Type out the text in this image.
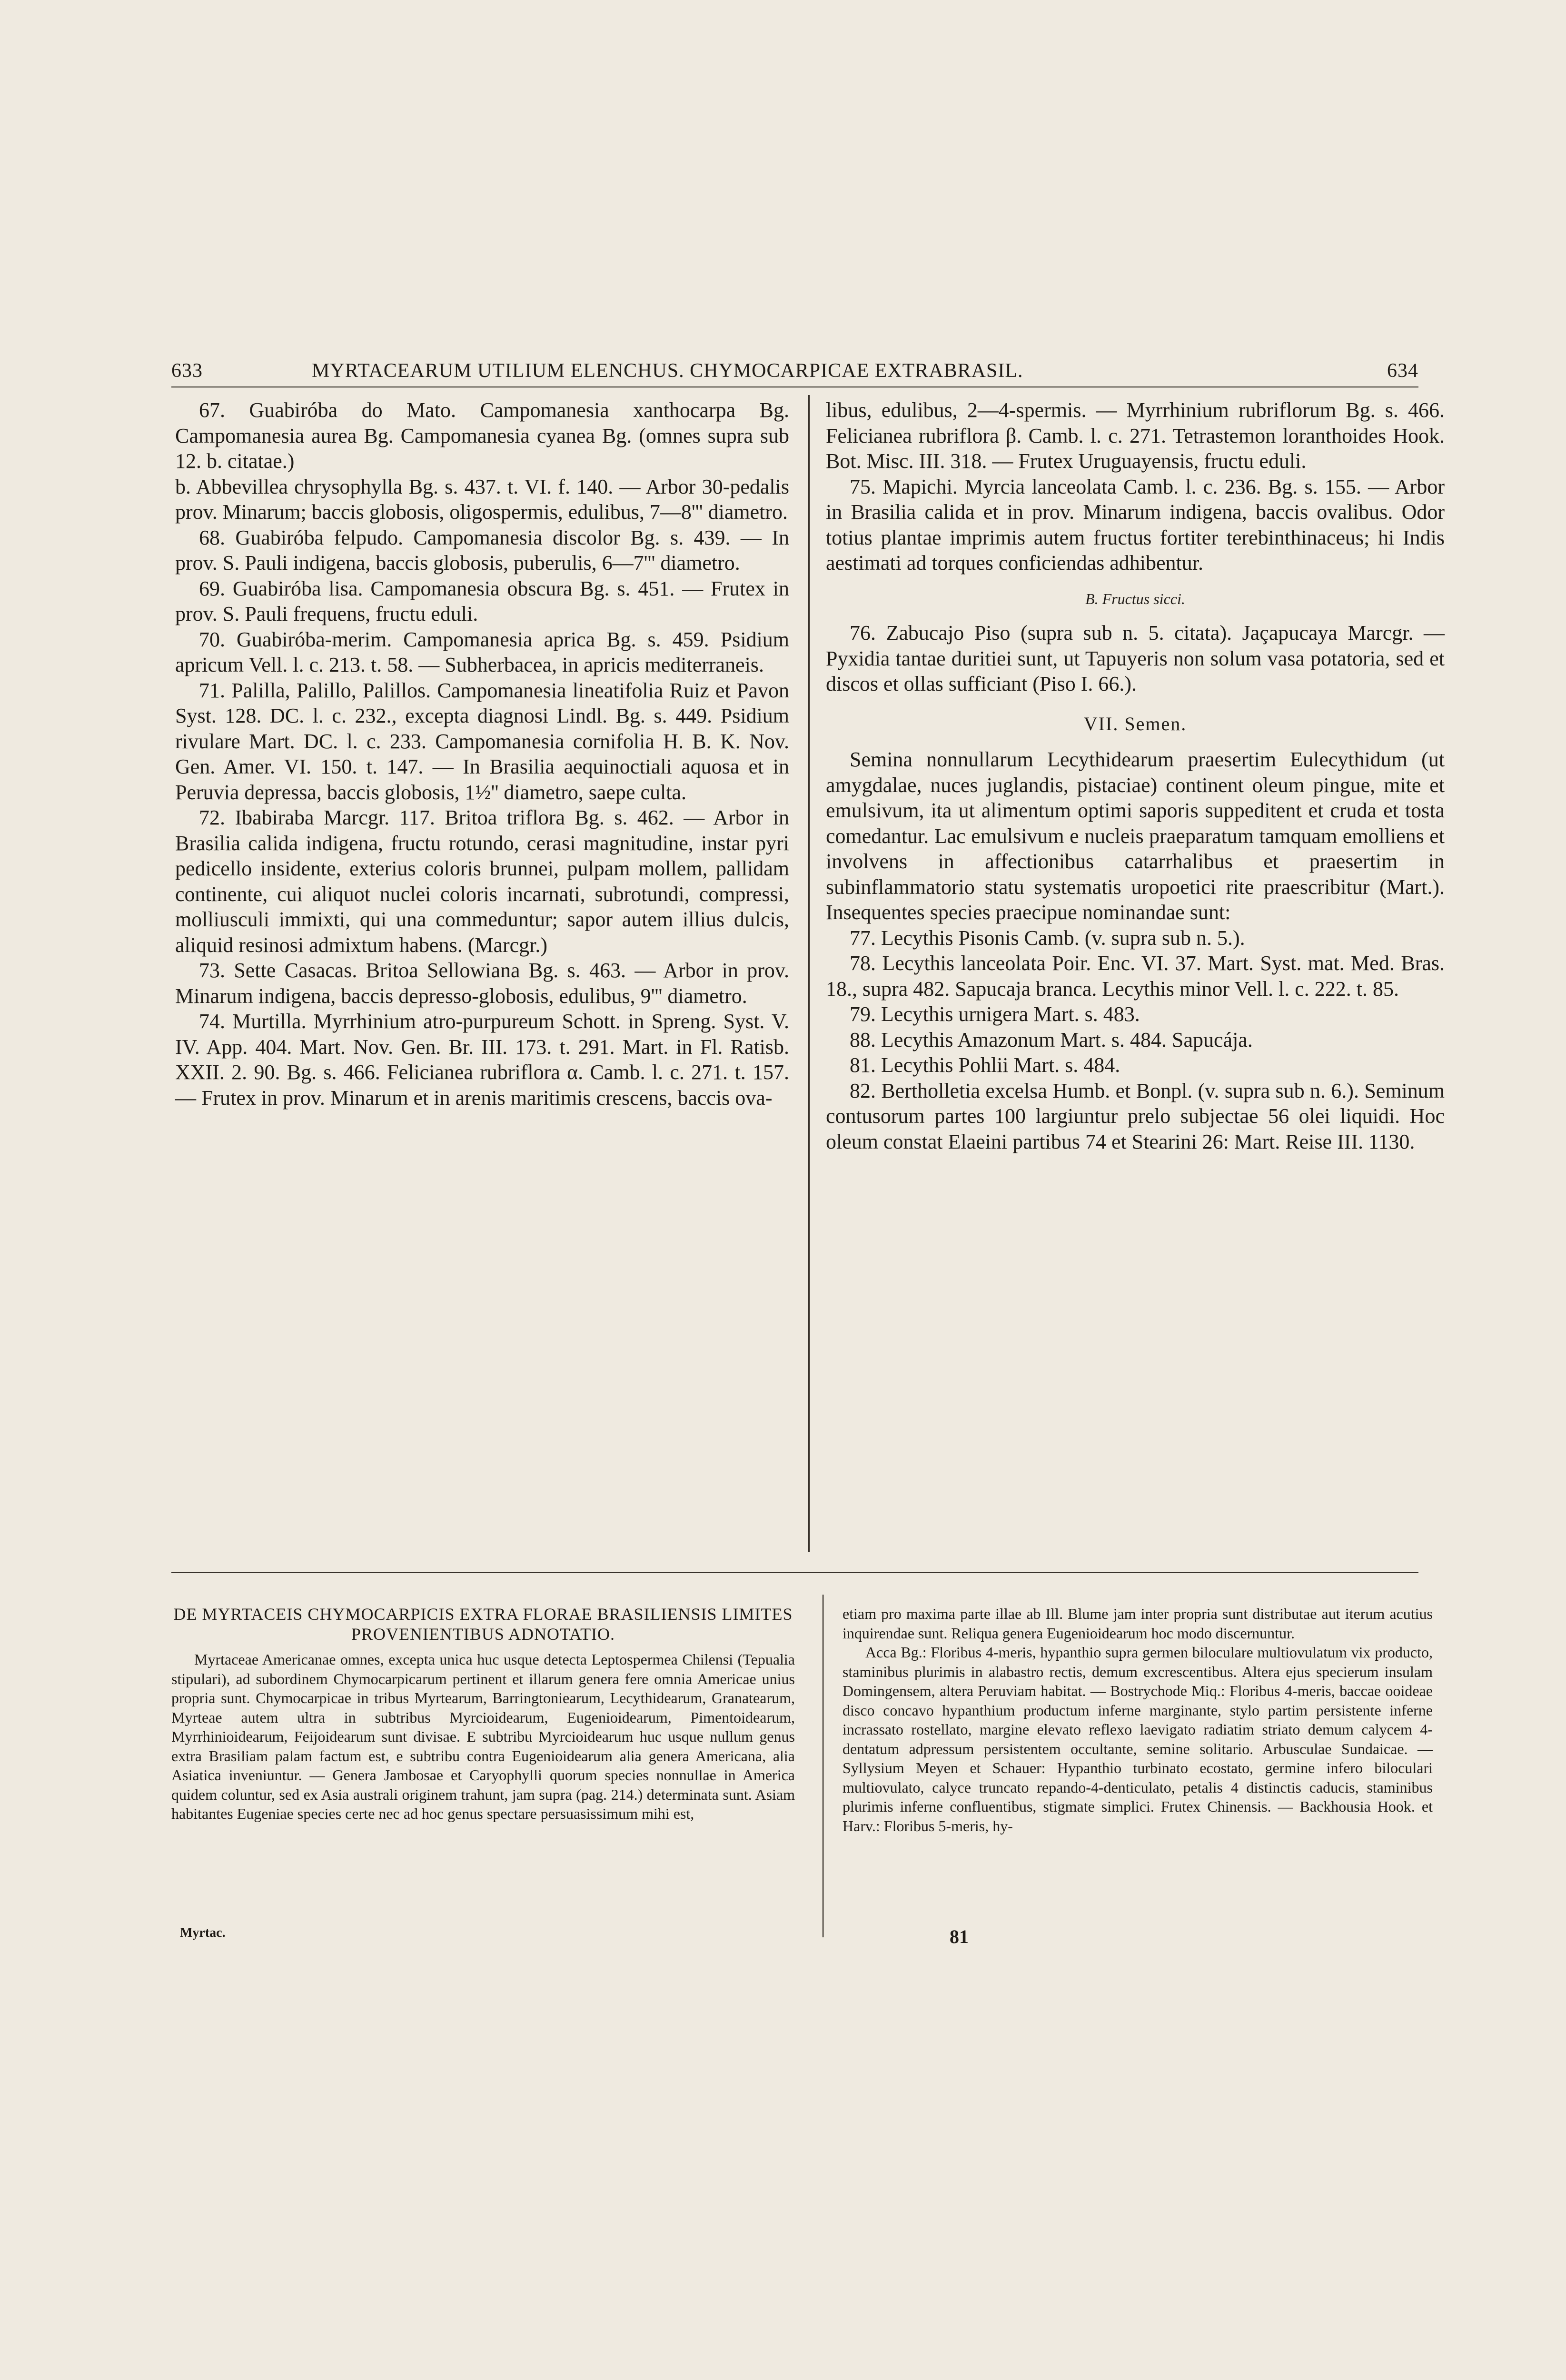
633	MYRTACEARUM UTILIUM ELENCHUS. CHYMOCARPICAE EXTRABRASIL.	634

67. Guabiróba do Mato. Campomanesia xanthocarpa Bg. Campomanesia aurea Bg. Campomanesia cyanea Bg. (omnes supra sub 12. b. citatae.)

b. Abbevillea chrysophylla Bg. s. 437. t. VI. f. 140. — Arbor 30-pedalis prov. Minarum; baccis globosis, oligospermis, edulibus, 7—8''' diametro.

68. Guabiróba felpudo. Campomanesia discolor Bg. s. 439. — In prov. S. Pauli indigena, baccis globosis, puberulis, 6—7''' diametro.

69. Guabiróba lisa. Campomanesia obscura Bg. s. 451. — Frutex in prov. S. Pauli frequens, fructu eduli.

70. Guabiróba-merim. Campomanesia aprica Bg. s. 459. Psidium apricum Vell. l. c. 213. t. 58. — Subherbacea, in apricis mediterraneis.

71. Palilla, Palillo, Palillos. Campomanesia lineatifolia Ruiz et Pavon Syst. 128. DC. l. c. 232., excepta diagnosi Lindl. Bg. s. 449. Psidium rivulare Mart. DC. l. c. 233. Campomanesia cornifolia H. B. K. Nov. Gen. Amer. VI. 150. t. 147. — In Brasilia aequinoctiali aquosa et in Peruvia depressa, baccis globosis, 1½'' diametro, saepe culta.

72. Ibabiraba Marcgr. 117. Britoa triflora Bg. s. 462. — Arbor in Brasilia calida indigena, fructu rotundo, cerasi magnitudine, instar pyri pedicello insidente, exterius coloris brunnei, pulpam mollem, pallidam continente, cui aliquot nuclei coloris incarnati, subrotundi, compressi, molliusculi immixti, qui una commeduntur; sapor autem illius dulcis, aliquid resinosi admixtum habens. (Marcgr.)

73. Sette Casacas. Britoa Sellowiana Bg. s. 463. — Arbor in prov. Minarum indigena, baccis depresso-globosis, edulibus, 9''' diametro.

74. Murtilla. Myrrhinium atro-purpureum Schott. in Spreng. Syst. V. IV. App. 404. Mart. Nov. Gen. Br. III. 173. t. 291. Mart. in Fl. Ratisb. XXII. 2. 90. Bg. s. 466. Felicianea rubriflora α. Camb. l. c. 271. t. 157. — Frutex in prov. Minarum et in arenis maritimis crescens, baccis ova-

libus, edulibus, 2—4-spermis. — Myrrhinium rubriflorum Bg. s. 466. Felicianea rubriflora β. Camb. l. c. 271. Tetrastemon loranthoides Hook. Bot. Misc. III. 318. — Frutex Uruguayensis, fructu eduli.

75. Mapichi. Myrcia lanceolata Camb. l. c. 236. Bg. s. 155. — Arbor in Brasilia calida et in prov. Minarum indigena, baccis ovalibus. Odor totius plantae imprimis autem fructus fortiter terebinthinaceus; hi Indis aestimati ad torques conficiendas adhibentur.

B. Fructus sicci.

76. Zabucajo Piso (supra sub n. 5. citata). Jaçapucaya Marcgr. — Pyxidia tantae duritiei sunt, ut Tapuyeris non solum vasa potatoria, sed et discos et ollas sufficiant (Piso I. 66.).

VII. Semen.

Semina nonnullarum Lecythidearum praesertim Eulecythidum (ut amygdalae, nuces juglandis, pistaciae) continent oleum pingue, mite et emulsivum, ita ut alimentum optimi saporis suppeditent et cruda et tosta comedantur. Lac emulsivum e nucleis praeparatum tamquam emolliens et involvens in affectionibus catarrhalibus et praesertim in subinflammatorio statu systematis uropoetici rite praescribitur (Mart.). Insequentes species praecipue nominandae sunt:

77. Lecythis Pisonis Camb. (v. supra sub n. 5.).

78. Lecythis lanceolata Poir. Enc. VI. 37. Mart. Syst. mat. Med. Bras. 18., supra 482. Sapucaja branca. Lecythis minor Vell. l. c. 222. t. 85.

79. Lecythis urnigera Mart. s. 483.

88. Lecythis Amazonum Mart. s. 484. Sapucája.

81. Lecythis Pohlii Mart. s. 484.

82. Bertholletia excelsa Humb. et Bonpl. (v. supra sub n. 6.). Seminum contusorum partes 100 largiuntur prelo subjectae 56 olei liquidi. Hoc oleum constat Elaeini partibus 74 et Stearini 26: Mart. Reise III. 1130.

DE MYRTACEIS CHYMOCARPICIS EXTRA FLORAE BRASILIENSIS LIMITES PROVENIENTIBUS ADNOTATIO.

Myrtaceae Americanae omnes, excepta unica huc usque detecta Leptospermea Chilensi (Tepualia stipulari), ad subordinem Chymocarpicarum pertinent et illarum genera fere omnia Americae unius propria sunt. Chymocarpicae in tribus Myrtearum, Barringtoniearum, Lecythidearum, Granatearum, Myrteae autem ultra in subtribus Myrcioidearum, Eugenioidearum, Pimentoidearum, Myrrhinioidearum, Feijoidearum sunt divisae. E subtribu Myrcioidearum huc usque nullum genus extra Brasiliam palam factum est, e subtribu contra Eugenioidearum alia genera Americana, alia Asiatica inveniuntur. — Genera Jambosae et Caryophylli quorum species nonnullae in America quidem coluntur, sed ex Asia australi originem trahunt, jam supra (pag. 214.) determinata sunt. Asiam habitantes Eugeniae species certe nec ad hoc genus spectare persuasissimum mihi est,

etiam pro maxima parte illae ab Ill. Blume jam inter propria sunt distributae aut iterum acutius inquirendae sunt. Reliqua genera Eugenioidearum hoc modo discernuntur.

Acca Bg.: Floribus 4-meris, hypanthio supra germen biloculare multiovulatum vix producto, staminibus plurimis in alabastro rectis, demum excrescentibus. Altera ejus specierum insulam Domingensem, altera Peruviam habitat. — Bostrychode Miq.: Floribus 4-meris, baccae ooideae disco concavo hypanthium productum inferne marginante, stylo partim persistente inferne incrassato rostellato, margine elevato reflexo laevigato radiatim striato demum calycem 4-dentatum adpressum persistentem occultante, semine solitario. Arbusculae Sundaicae. — Syllysium Meyen et Schauer: Hypanthio turbinato ecostato, germine infero biloculari multiovulato, calyce truncato repando-4-denticulato, petalis 4 distinctis caducis, staminibus plurimis inferne confluentibus, stigmate simplici. Frutex Chinensis. — Backhousia Hook. et Harv.: Floribus 5-meris, hy-

Myrtac.	81
